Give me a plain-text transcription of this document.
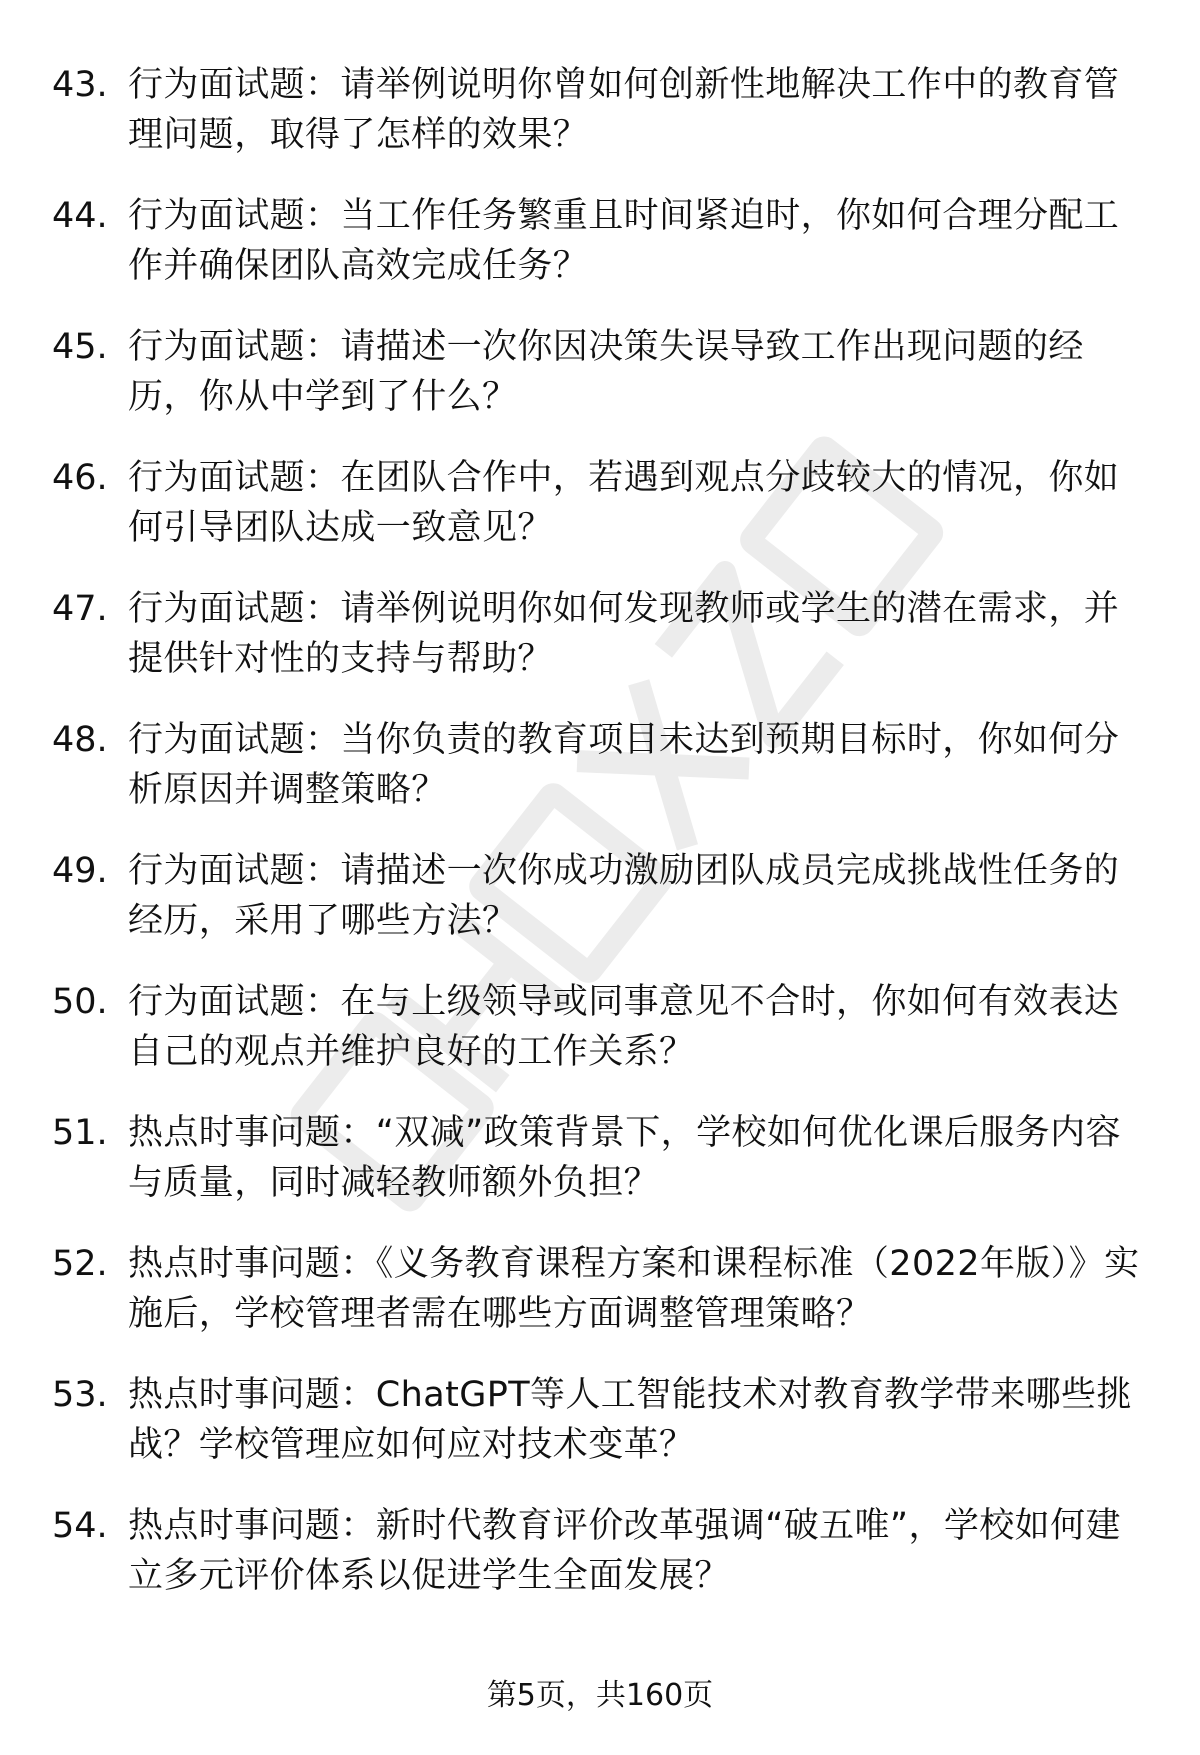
43. 行为面试题：请举例说明你曾如何创新性地解决工作中的教育管理问题，取得了怎样的效果？
44. 行为面试题：当工作任务繁重且时间紧迫时，你如何合理分配工作并确保团队高效完成任务？
45. 行为面试题：请描述一次你因决策失误导致工作出现问题的经历，你从中学到了什么？
46. 行为面试题：在团队合作中，若遇到观点分歧较大的情况，你如何引导团队达成一致意见？
47. 行为面试题：请举例说明你如何发现教师或学生的潜在需求，并提供针对性的支持与帮助？
48. 行为面试题：当你负责的教育项目未达到预期目标时，你如何分析原因并调整策略？
49. 行为面试题：请描述一次你成功激励团队成员完成挑战性任务的经历，采用了哪些方法？
50. 行为面试题：在与上级领导或同事意见不合时，你如何有效表达自己的观点并维护良好的工作关系？
51. 热点时事问题：“双减”政策背景下，学校如何优化课后服务内容与质量，同时减轻教师额外负担？
52. 热点时事问题：《义务教育课程方案和课程标准（2022年版）》实施后，学校管理者需在哪些方面调整管理策略？
53. 热点时事问题：ChatGPT等人工智能技术对教育教学带来哪些挑战？学校管理应如何应对技术变革？
54. 热点时事问题：新时代教育评价改革强调“破五唯”，学校如何建立多元评价体系以促进学生全面发展？
第5页，共160页
